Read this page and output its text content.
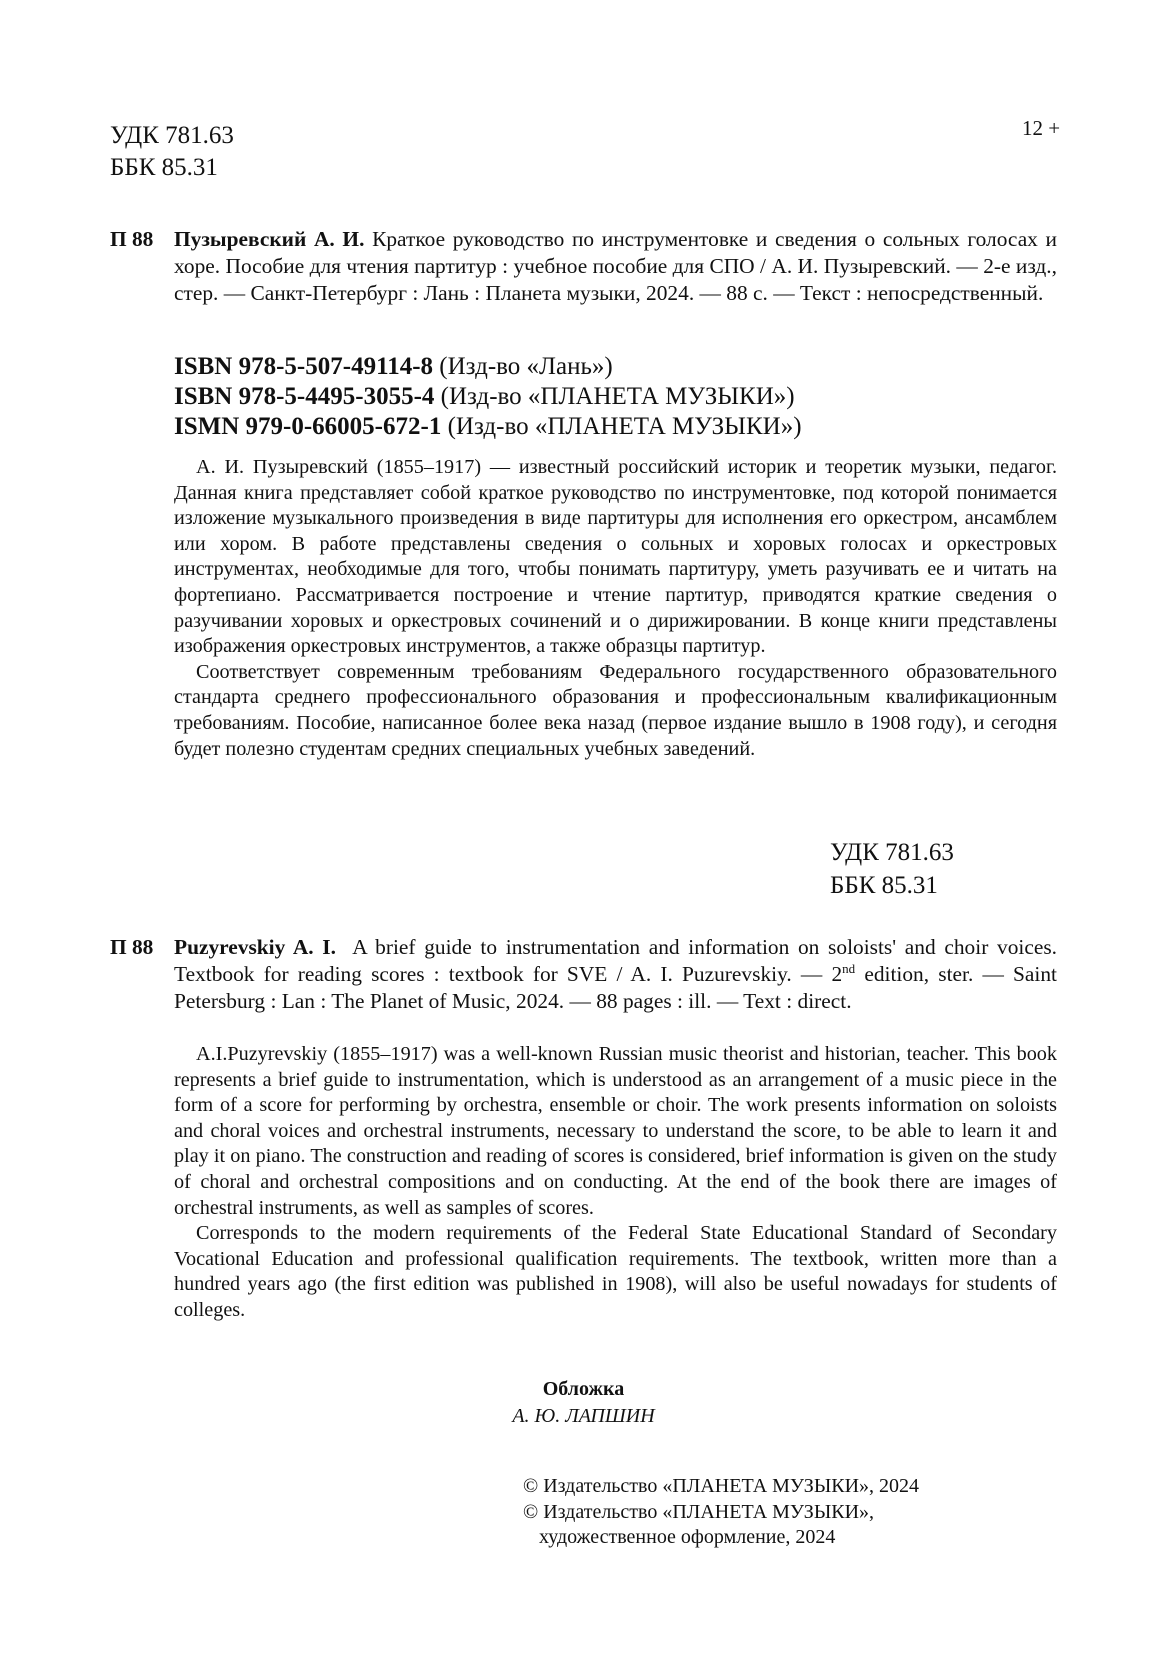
УДК 781.63
ББК 85.31
12 +
П 88 Пузыревский А. И. Краткое руководство по инструментовке и сведения о сольных голосах и хоре. Пособие для чтения партитур : учебное пособие для СПО / А. И. Пузыревский. — 2-е изд., стер. — Санкт-Петербург : Лань : Планета музыки, 2024. — 88 с. — Текст : непосредственный.

ISBN 978-5-507-49114-8 (Изд-во «Лань»)
ISBN 978-5-4495-3055-4 (Изд-во «ПЛАНЕТА МУЗЫКИ»)
ISMN 979-0-66005-672-1 (Изд-во «ПЛАНЕТА МУЗЫКИ»)

А. И. Пузыревский (1855–1917) — известный российский историк и теоретик музыки, педагог. Данная книга представляет собой краткое руководство по инструментовке, под которой понимается изложение музыкального произведения в виде партитуры для исполнения его оркестром, ансамблем или хором. В работе представлены сведения о сольных и хоровых голосах и оркестровых инструментах, необходимые для того, чтобы понимать партитуру, уметь разучивать ее и читать на фортепиано. Рассматривается построение и чтение партитур, приводятся краткие сведения о разучивании хоровых и оркестровых сочинений и о дирижировании. В конце книги представлены изображения оркестровых инструментов, а также образцы партитур.

Соответствует современным требованиям Федерального государственного образовательного стандарта среднего профессионального образования и профессиональным квалификационным требованиям. Пособие, написанное более века назад (первое издание вышло в 1908 году), и сегодня будет полезно студентам средних специальных учебных заведений.

УДК 781.63
ББК 85.31
П 88 Puzyrevskiy A. I. A brief guide to instrumentation and information on soloists' and choir voices. Textbook for reading scores : textbook for SVE / A. I. Puzurevskiy. — 2nd edition, ster. — Saint Petersburg : Lan : The Planet of Music, 2024. — 88 pages : ill. — Text : direct.

A.I.Puzyrevskiy (1855–1917) was a well-known Russian music theorist and historian, teacher. This book represents a brief guide to instrumentation, which is understood as an arrangement of a music piece in the form of a score for performing by orchestra, ensemble or choir. The work presents information on soloists and choral voices and orchestral instruments, necessary to understand the score, to be able to learn it and play it on piano. The construction and reading of scores is considered, brief information is given on the study of choral and orchestral compositions and on conducting. At the end of the book there are images of orchestral instruments, as well as samples of scores.

Corresponds to the modern requirements of the Federal State Educational Standard of Secondary Vocational Education and professional qualification requirements. The textbook, written more than a hundred years ago (the first edition was published in 1908), will also be useful nowadays for students of colleges.

Обложка
А. Ю. ЛАПШИН
© Издательство «ПЛАНЕТА МУЗЫКИ», 2024
© Издательство «ПЛАНЕТА МУЗЫКИ»,
художественное оформление, 2024
